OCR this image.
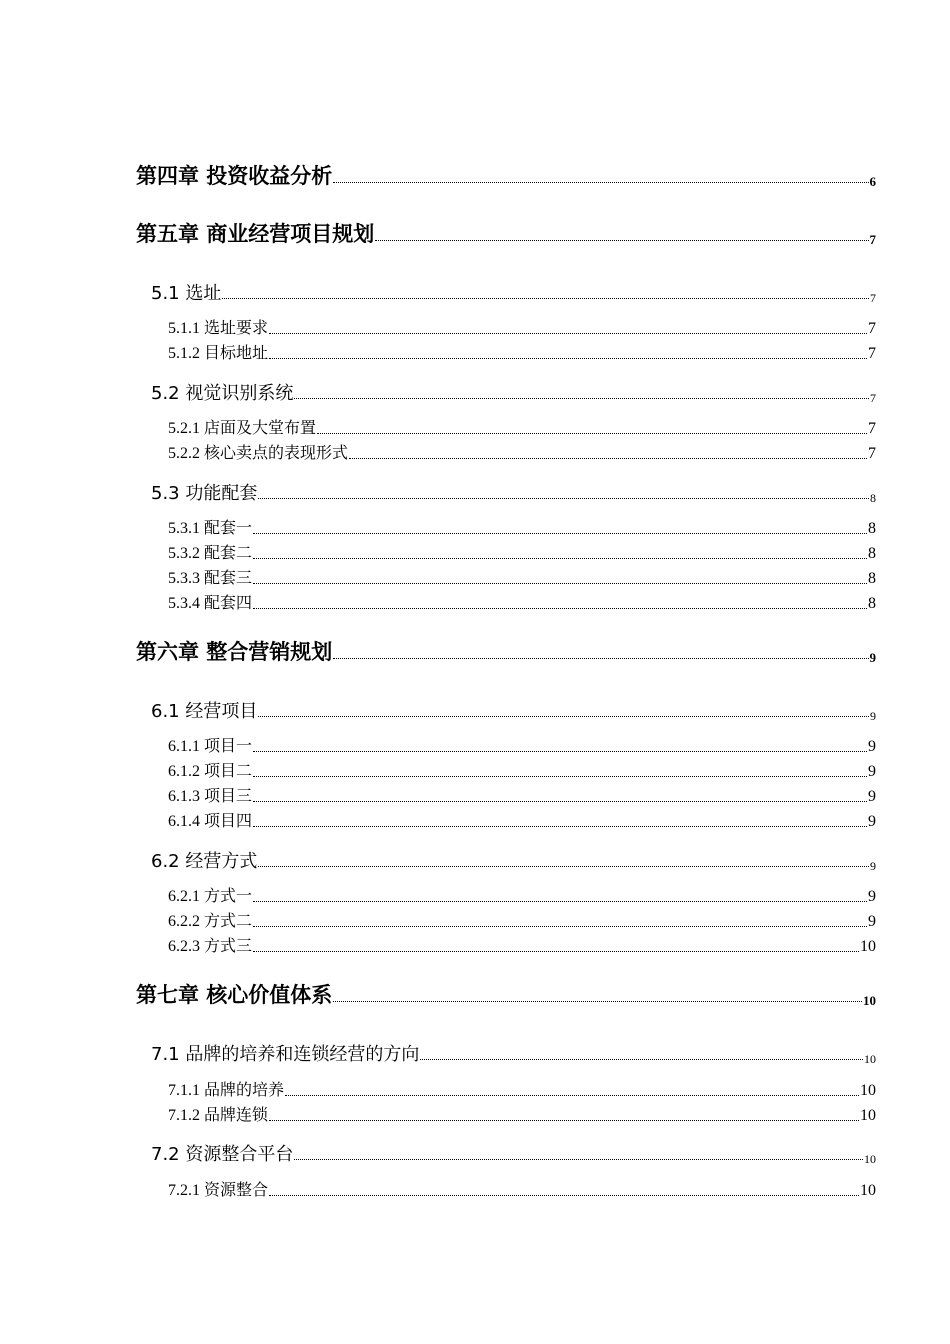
第四章 投资收益分析	6
第五章 商业经营项目规划	7
5.1 选址	7
5.1.1 选址要求	7
5.1.2 目标地址	7
5.2 视觉识别系统	7
5.2.1 店面及大堂布置	7
5.2.2 核心卖点的表现形式	7
5.3 功能配套	8
5.3.1 配套一	8
5.3.2 配套二	8
5.3.3 配套三	8
5.3.4 配套四	8
第六章 整合营销规划	9
6.1 经营项目	9
6.1.1 项目一	9
6.1.2 项目二	9
6.1.3 项目三	9
6.1.4 项目四	9
6.2 经营方式	9
6.2.1 方式一	9
6.2.2 方式二	9
6.2.3 方式三	10
第七章 核心价值体系	10
7.1 品牌的培养和连锁经营的方向	10
7.1.1 品牌的培养	10
7.1.2 品牌连锁	10
7.2 资源整合平台	10
7.2.1 资源整合	10
